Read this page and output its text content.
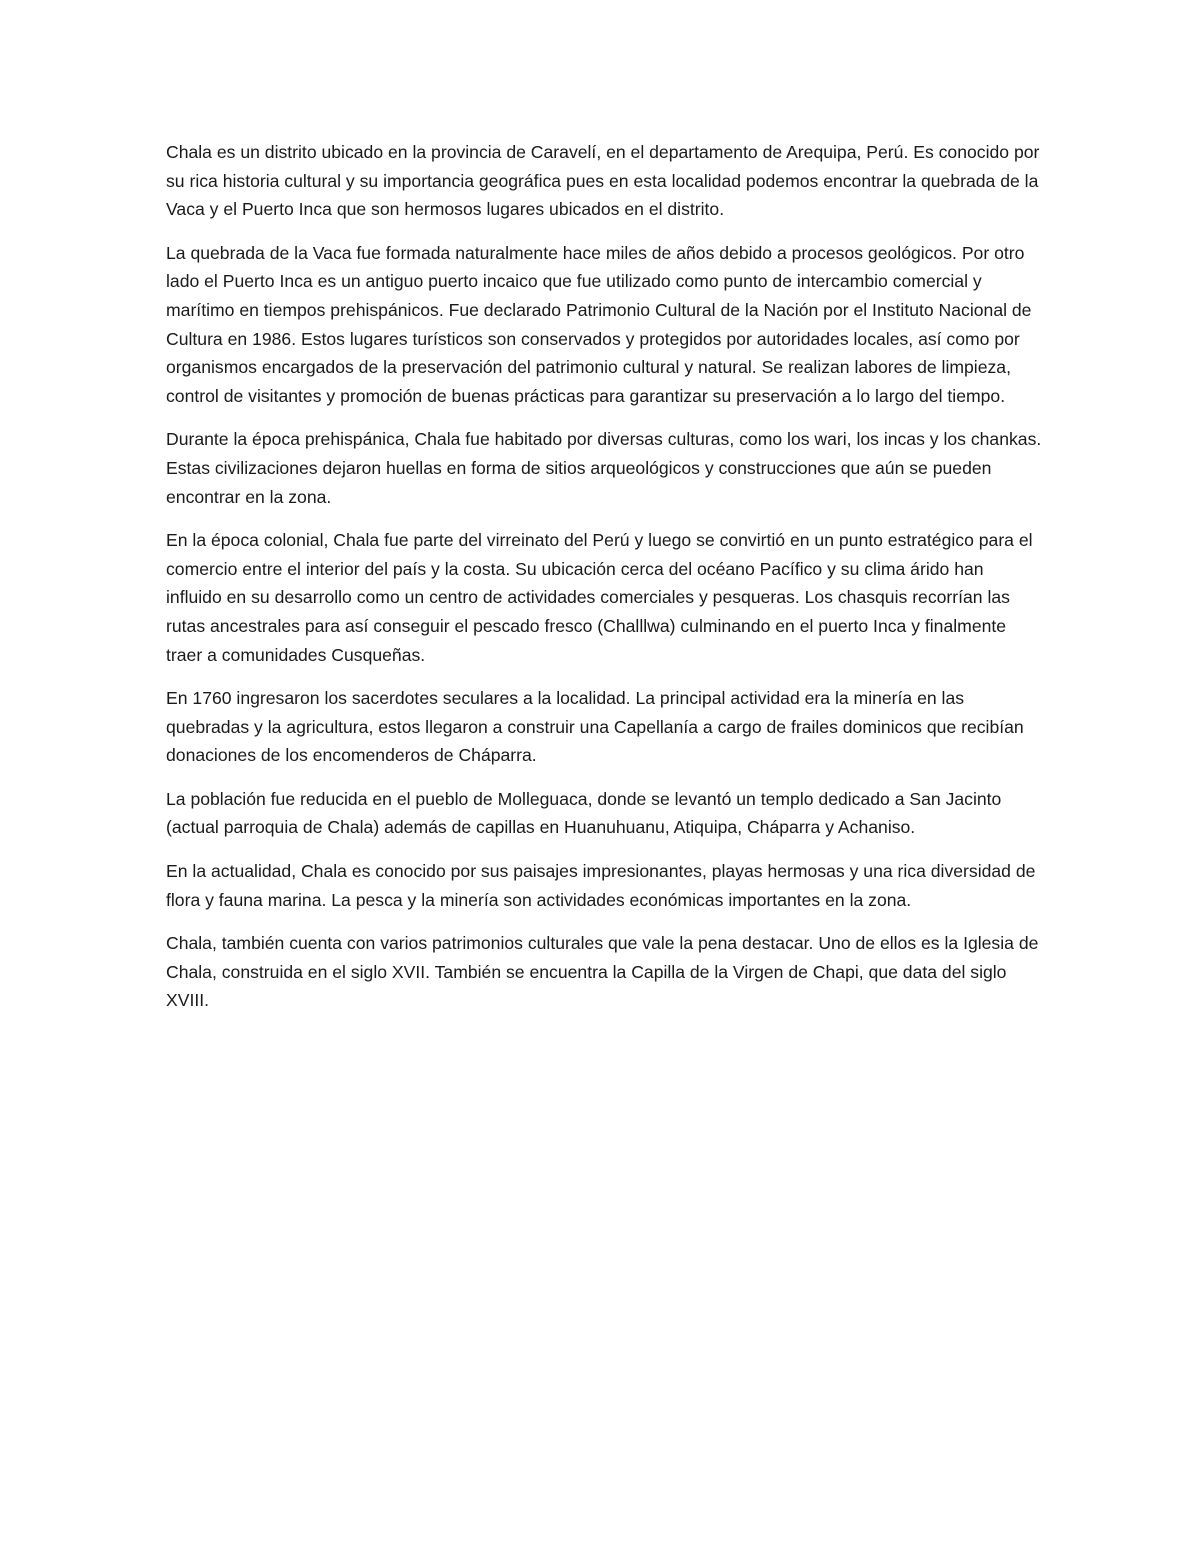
Chala es un distrito ubicado en la provincia de Caravelí, en el departamento de Arequipa, Perú. Es conocido por su rica historia cultural y su importancia geográfica pues en esta localidad podemos encontrar la quebrada de la Vaca y el Puerto Inca que son hermosos lugares ubicados en el distrito.

La quebrada de la Vaca fue formada naturalmente hace miles de años debido a procesos geológicos. Por otro lado el Puerto Inca es un antiguo puerto incaico que fue utilizado como punto de intercambio comercial y marítimo en tiempos prehispánicos. Fue declarado Patrimonio Cultural de la Nación por el Instituto Nacional de Cultura en 1986. Estos lugares turísticos son conservados y protegidos por autoridades locales, así como por organismos encargados de la preservación del patrimonio cultural y natural. Se realizan labores de limpieza, control de visitantes y promoción de buenas prácticas para garantizar su preservación a lo largo del tiempo.

Durante la época prehispánica, Chala fue habitado por diversas culturas, como los wari, los incas y los chankas. Estas civilizaciones dejaron huellas en forma de sitios arqueológicos y construcciones que aún se pueden encontrar en la zona.

En la época colonial, Chala fue parte del virreinato del Perú y luego se convirtió en un punto estratégico para el comercio entre el interior del país y la costa. Su ubicación cerca del océano Pacífico y su clima árido han influido en su desarrollo como un centro de actividades comerciales y pesqueras. Los chasquis recorrían las rutas ancestrales para así conseguir el pescado fresco (Challlwa) culminando en el puerto Inca y finalmente traer a comunidades Cusqueñas.

En 1760 ingresaron los sacerdotes seculares a la localidad. La principal actividad era la minería en las quebradas y la agricultura, estos llegaron a construir una Capellanía a cargo de frailes dominicos que recibían donaciones de los encomenderos de Cháparra.

La población fue reducida en el pueblo de Molleguaca, donde se levantó un templo dedicado a San Jacinto (actual parroquia de Chala) además de capillas en Huanuhuanu, Atiquipa, Cháparra y Achaniso.

En la actualidad, Chala es conocido por sus paisajes impresionantes, playas hermosas y una rica diversidad de flora y fauna marina. La pesca y la minería son actividades económicas importantes en la zona.

Chala, también cuenta con varios patrimonios culturales que vale la pena destacar. Uno de ellos es la Iglesia de Chala, construida en el siglo XVII. También se encuentra la Capilla de la Virgen de Chapi, que data del siglo XVIII.
